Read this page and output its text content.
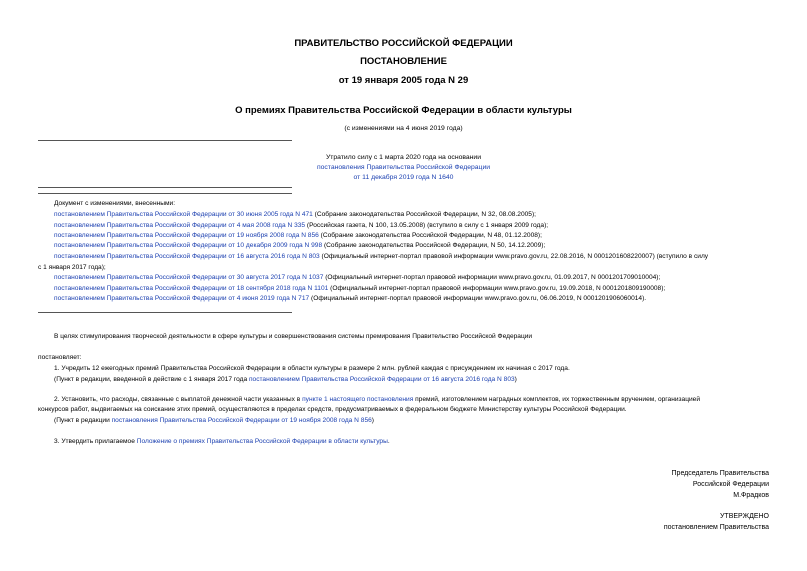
ПРАВИТЕЛЬСТВО РОССИЙСКОЙ ФЕДЕРАЦИИ
ПОСТАНОВЛЕНИЕ
от 19 января 2005 года N 29
О премиях Правительства Российской Федерации в области культуры
(с изменениями на 4 июня 2019 года)
Утратило силу с 1 марта 2020 года на основании
постановления Правительства Российской Федерации
от 11 декабря 2019 года N 1640
Документ с изменениями, внесенными:
постановлением Правительства Российской Федерации от 30 июня 2005 года N 471 (Собрание законодательства Российской Федерации, N 32, 08.08.2005);
постановлением Правительства Российской Федерации от 4 мая 2008 года N 335 (Российская газета, N 100, 13.05.2008) (вступило в силу с 1 января 2009 года);
постановлением Правительства Российской Федерации от 19 ноября 2008 года N 856 (Собрание законодательства Российской Федерации, N 48, 01.12.2008);
постановлением Правительства Российской Федерации от 10 декабря 2009 года N 998 (Собрание законодательства Российской Федерации, N 50, 14.12.2009);
постановлением Правительства Российской Федерации от 16 августа 2016 года N 803 (Официальный интернет-портал правовой информации www.pravo.gov.ru, 22.08.2016, N 0001201608220007) (вступило в силу
с 1 января 2017 года);
постановлением Правительства Российской Федерации от 30 августа 2017 года N 1037 (Официальный интернет-портал правовой информации www.pravo.gov.ru, 01.09.2017, N 0001201709010004);
постановлением Правительства Российской Федерации от 18 сентября 2018 года N 1101 (Официальный интернет-портал правовой информации www.pravo.gov.ru, 19.09.2018, N 0001201809190008);
постановлением Правительства Российской Федерации от 4 июня 2019 года N 717 (Официальный интернет-портал правовой информации www.pravo.gov.ru, 06.06.2019, N 0001201906060014).
В целях стимулирования творческой деятельности в сфере культуры и совершенствования системы премирования Правительство Российской Федерации
постановляет:
1. Учредить 12 ежегодных премий Правительства Российской Федерации в области культуры в размере 2 млн. рублей каждая с присуждением их начиная с 2017 года.
(Пункт в редакции, введенной в действие с 1 января 2017 года постановлением Правительства Российской Федерации от 16 августа 2016 года N 803)
2. Установить, что расходы, связанные с выплатой денежной части указанных в пункте 1 настоящего постановления премий, изготовлением наградных комплектов, их торжественным вручением, организацией
конкурсов работ, выдвигаемых на соискание этих премий, осуществляются в пределах средств, предусматриваемых в федеральном бюджете Министерству культуры Российской Федерации.
(Пункт в редакции постановления Правительства Российской Федерации от 19 ноября 2008 года N 856)
3. Утвердить прилагаемое Положение о премиях Правительства Российской Федерации в области культуры.
Председатель Правительства
Российской Федерации
М.Фрадков
УТВЕРЖДЕНО
постановлением Правительства
